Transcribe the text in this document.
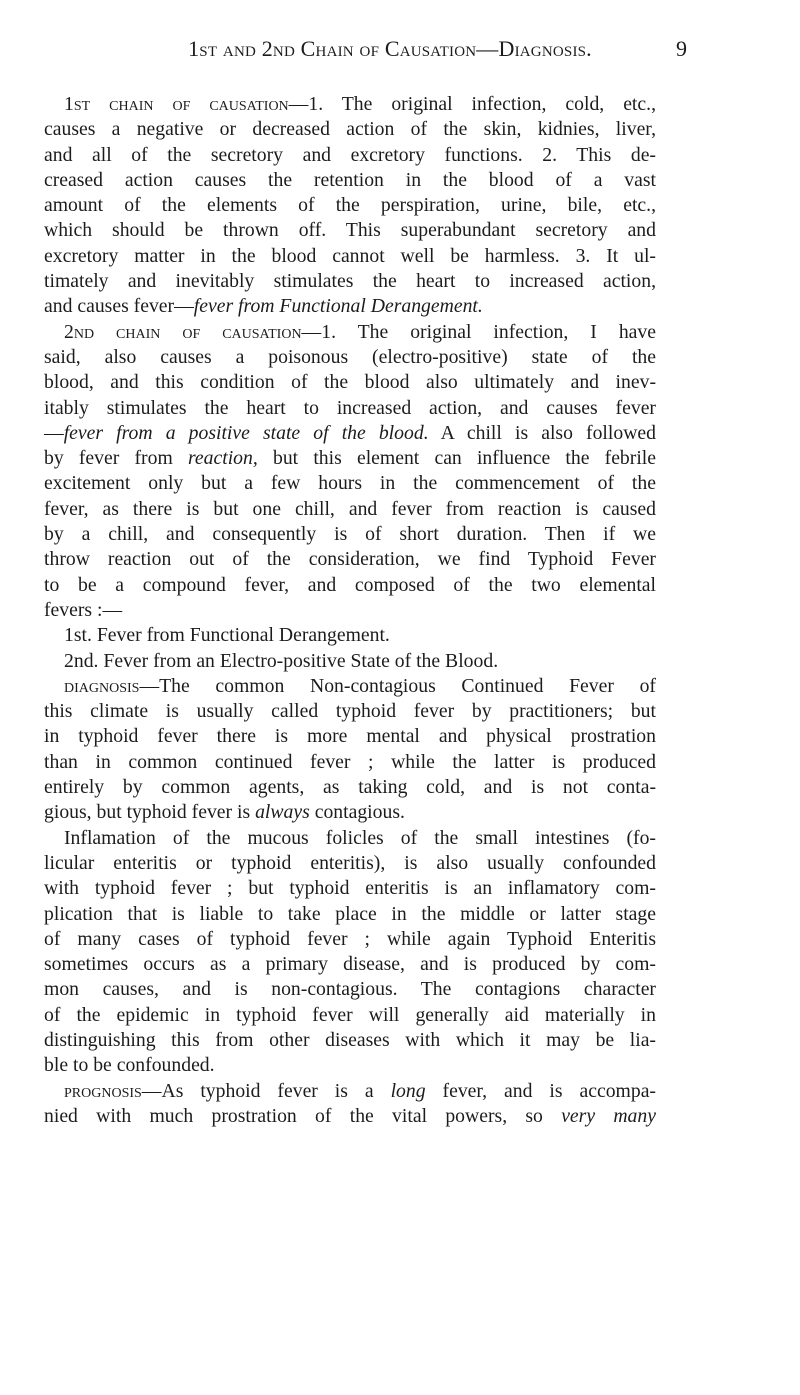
1st and 2nd Chain of Causation—Diagnosis.	9
1st chain of causation—1. The original infection, cold, etc.,
causes a negative or decreased action of the skin, kidnies, liver,
and all of the secretory and excretory functions. 2. This de-
creased action causes the retention in the blood of a vast
amount of the elements of the perspiration, urine, bile, etc.,
which should be thrown off. This superabundant secretory and
excretory matter in the blood cannot well be harmless. 3. It ul-
timately and inevitably stimulates the heart to increased action,
and causes fever—fever from Functional Derangement.
2nd chain of causation—1. The original infection, I have
said, also causes a poisonous (electro-positive) state of the
blood, and this condition of the blood also ultimately and inev-
itably stimulates the heart to increased action, and causes fever
—fever from a positive state of the blood. A chill is also followed
by fever from reaction, but this element can influence the febrile
excitement only but a few hours in the commencement of the
fever, as there is but one chill, and fever from reaction is caused
by a chill, and consequently is of short duration. Then if we
throw reaction out of the consideration, we find Typhoid Fever
to be a compound fever, and composed of the two elemental
fevers :—
1st. Fever from Functional Derangement.
2nd. Fever from an Electro-positive State of the Blood.
diagnosis—The common Non-contagious Continued Fever of
this climate is usually called typhoid fever by practitioners; but
in typhoid fever there is more mental and physical prostration
than in common continued fever ; while the latter is produced
entirely by common agents, as taking cold, and is not conta-
gious, but typhoid fever is always contagious.
Inflamation of the mucous folicles of the small intestines (fo-
licular enteritis or typhoid enteritis), is also usually confounded
with typhoid fever ; but typhoid enteritis is an inflamatory com-
plication that is liable to take place in the middle or latter stage
of many cases of typhoid fever ; while again Typhoid Enteritis
sometimes occurs as a primary disease, and is produced by com-
mon causes, and is non-contagious. The contagions character
of the epidemic in typhoid fever will generally aid materially in
distinguishing this from other diseases with which it may be lia-
ble to be confounded.
prognosis—As typhoid fever is a long fever, and is accompa-
nied with much prostration of the vital powers, so very many
